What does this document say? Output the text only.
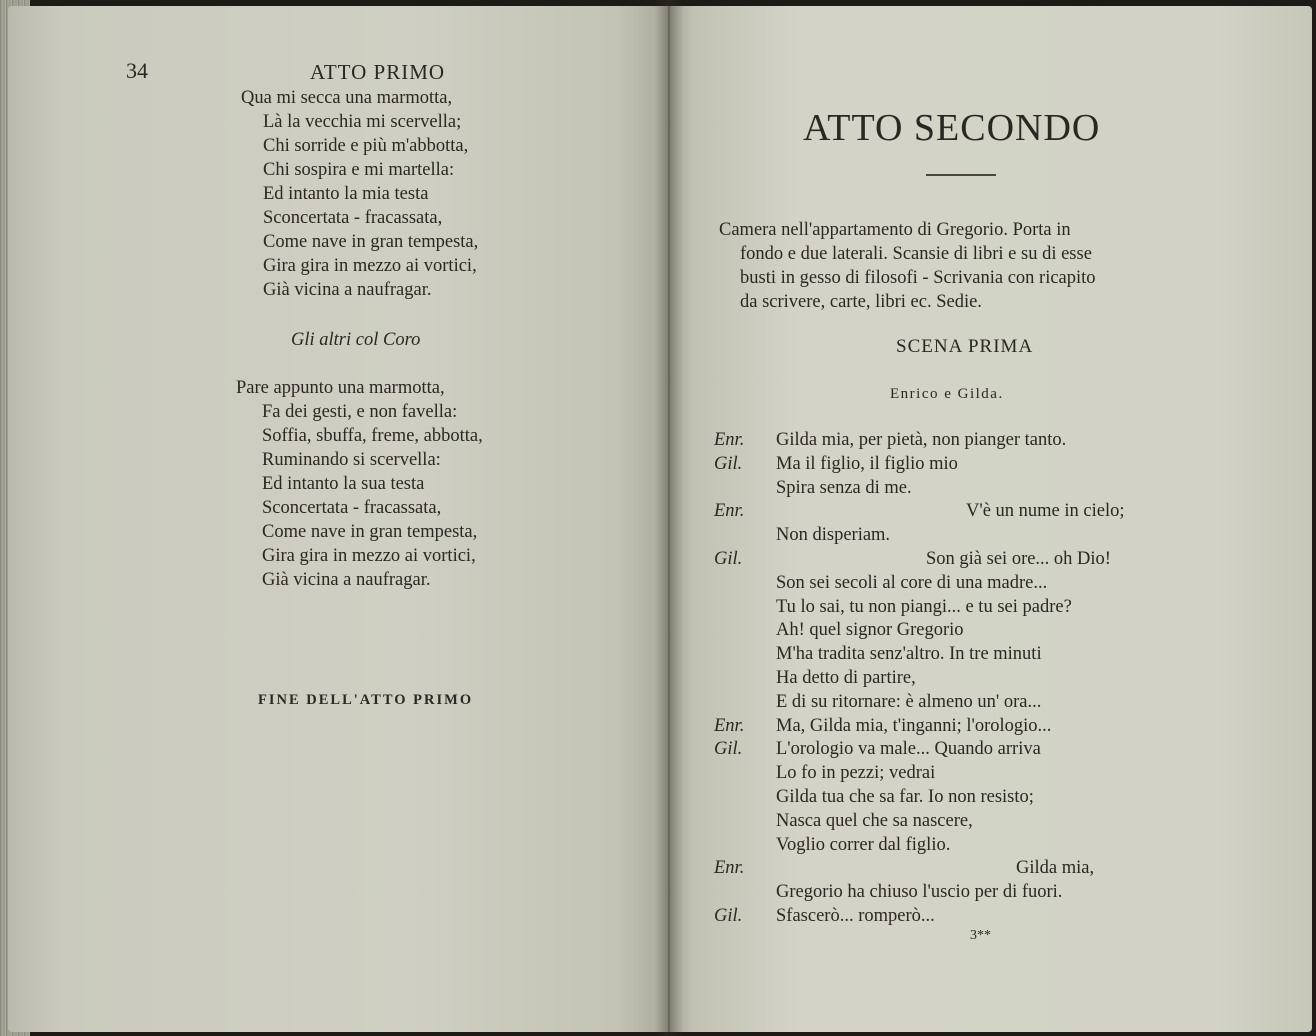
34	ATTO PRIMO
Qua mi secca una marmotta,
Là la vecchia mi scervella;
Chi sorride e più m'abbotta,
Chi sospira e mi martella:
Ed intanto la mia testa
Sconcertata - fracassata,
Come nave in gran tempesta,
Gira gira in mezzo ai vortici,
Già vicina a naufragar.
Gli altri col Coro
Pare appunto una marmotta,
Fa dei gesti, e non favella:
Soffia, sbuffa, freme, abbotta,
Ruminando si scervella:
Ed intanto la sua testa
Sconcertata - fracassata,
Come nave in gran tempesta,
Gira gira in mezzo ai vortici,
Già vicina a naufragar.
FINE DELL'ATTO PRIMO
ATTO SECONDO
Camera nell'appartamento di Gregorio. Porta in
fondo e due laterali. Scansie di libri e su di esse
busti in gesso di filosofi - Scrivania con ricapito
da scrivere, carte, libri ec. Sedie.
SCENA PRIMA
Enrico e Gilda.
Enr. Gilda mia, per pietà, non pianger tanto.
Gil. Ma il figlio, il figlio mio
Spira senza di me.
Enr.	V'è un nume in cielo;
Non disperiam.
Gil.	Son già sei ore... oh Dio!
Son sei secoli al core di una madre...
Tu lo sai, tu non piangi... e tu sei padre?
Ah! quel signor Gregorio
M'ha tradita senz'altro. In tre minuti
Ha detto di partire,
E di su ritornare: è almeno un' ora...
Enr. Ma, Gilda mia, t'inganni; l'orologio...
Gil. L'orologio va male... Quando arriva
Lo fo in pezzi; vedrai
Gilda tua che sa far. Io non resisto;
Nasca quel che sa nascere,
Voglio correr dal figlio.
Enr.	Gilda mia,
Gregorio ha chiuso l'uscio per di fuori.
Gil. Sfascerò... romperò...
3**
